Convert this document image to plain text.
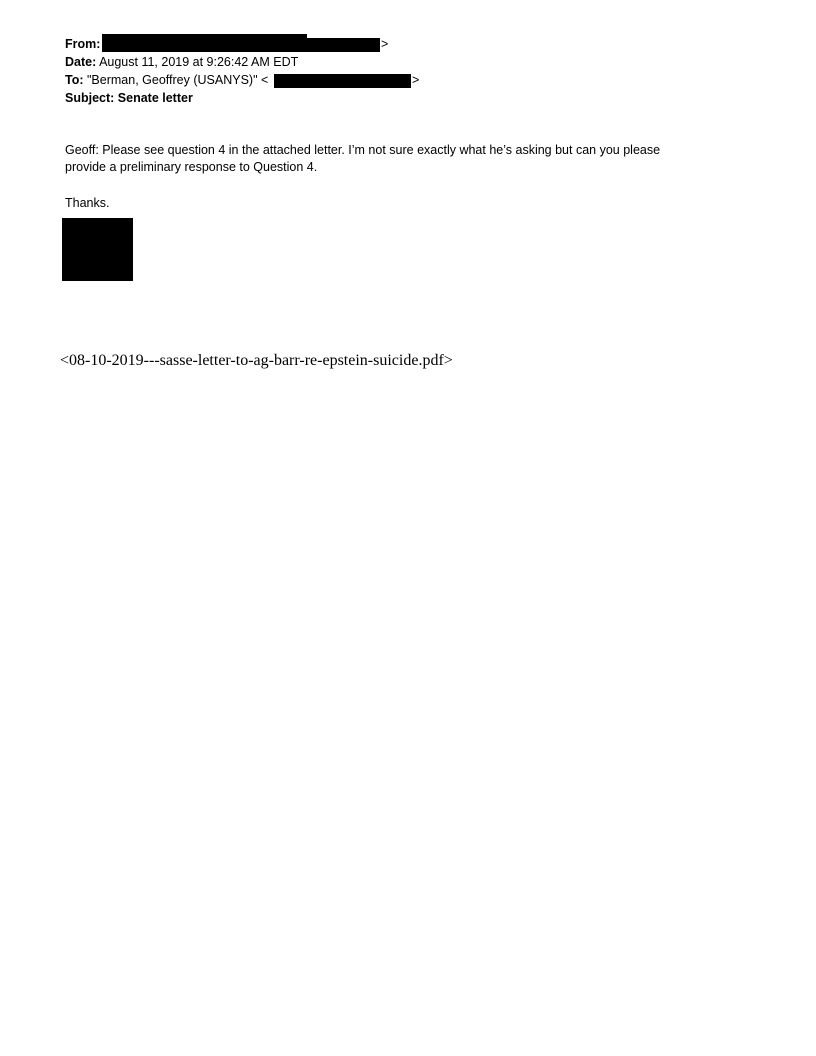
From:	>
Date: August 11, 2019 at 9:26:42 AM EDT
To: "Berman, Geoffrey (USANYS)" <	>
Subject: Senate letter
Geoff: Please see question 4 in the attached letter. I’m not sure exactly what he’s asking but can you please
provide a preliminary response to Question 4.
Thanks.
<08-10-2019---sasse-letter-to-ag-barr-re-epstein-suicide.pdf>
